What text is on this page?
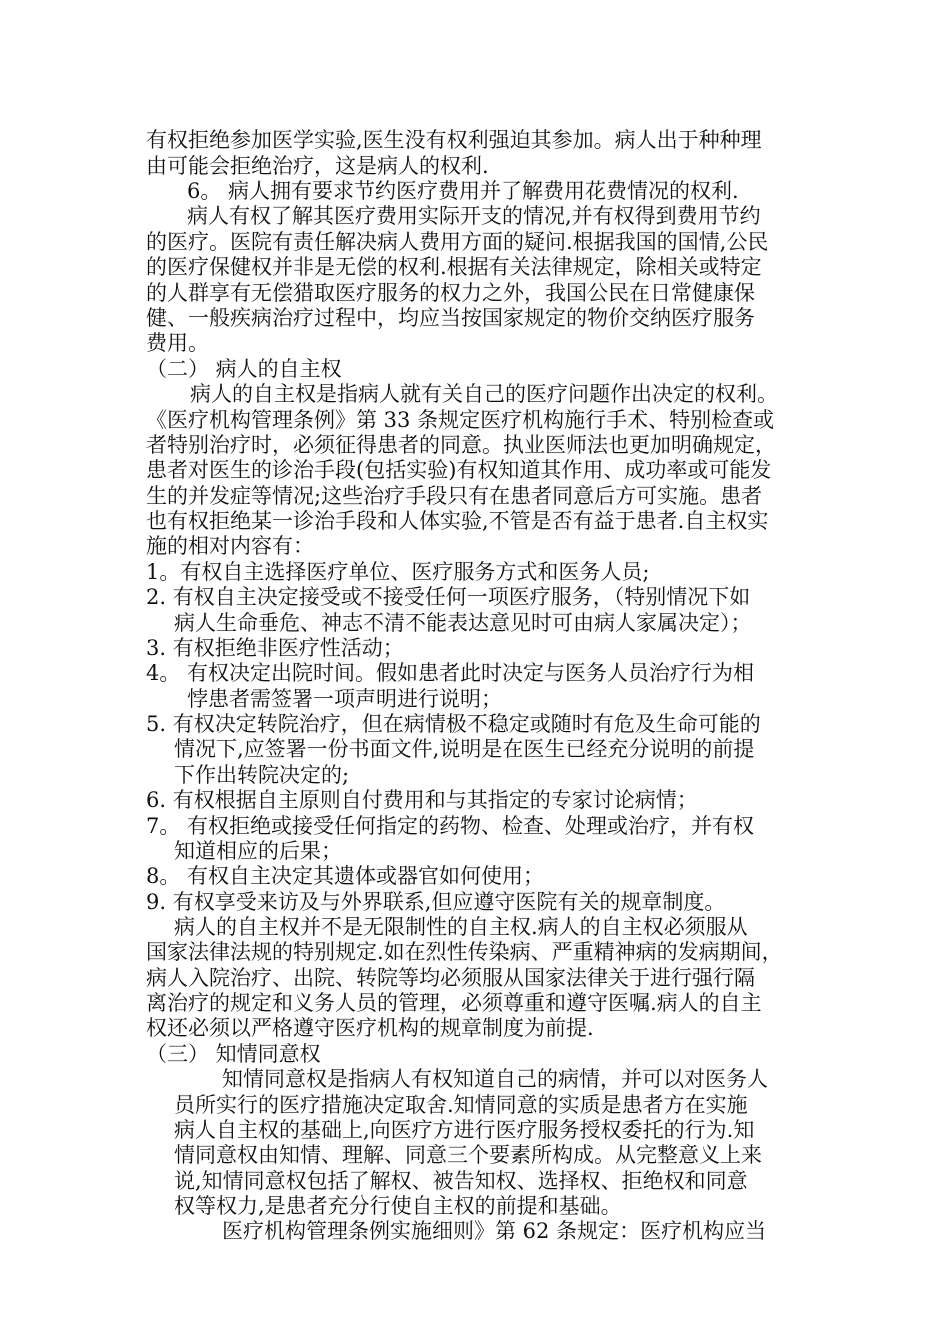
有权拒绝参加医学实验,医生没有权利强迫其参加。病人出于种种理
由可能会拒绝治疗，这是病人的权利.
6。 病人拥有要求节约医疗费用并了解费用花费情况的权利.
病人有权了解其医疗费用实际开支的情况,并有权得到费用节约
的医疗。医院有责任解决病人费用方面的疑问.根据我国的国情,公民
的医疗保健权并非是无偿的权利.根据有关法律规定，除相关或特定
的人群享有无偿猎取医疗服务的权力之外，我国公民在日常健康保
健、一般疾病治疗过程中，均应当按国家规定的物价交纳医疗服务
费用。
（二） 病人的自主权
病人的自主权是指病人就有关自己的医疗问题作出决定的权利。
《医疗机构管理条例》第 33 条规定医疗机构施行手术、特别检查或
者特别治疗时，必须征得患者的同意。执业医师法也更加明确规定，
患者对医生的诊治手段(包括实验)有权知道其作用、成功率或可能发
生的并发症等情况;这些治疗手段只有在患者同意后方可实施。患者
也有权拒绝某一诊治手段和人体实验,不管是否有益于患者.自主权实
施的相对内容有：
1。有权自主选择医疗单位、医疗服务方式和医务人员;
2. 有权自主决定接受或不接受任何一项医疗服务，（特别情况下如
病人生命垂危、神志不清不能表达意见时可由病人家属决定）；
3. 有权拒绝非医疗性活动；
4。 有权决定出院时间。假如患者此时决定与医务人员治疗行为相
悖患者需签署一项声明进行说明；
5. 有权决定转院治疗，但在病情极不稳定或随时有危及生命可能的
情况下,应签署一份书面文件,说明是在医生已经充分说明的前提
下作出转院决定的;
6. 有权根据自主原则自付费用和与其指定的专家讨论病情；
7。 有权拒绝或接受任何指定的药物、检查、处理或治疗，并有权
知道相应的后果；
8。 有权自主决定其遗体或器官如何使用；
9. 有权享受来访及与外界联系,但应遵守医院有关的规章制度。
病人的自主权并不是无限制性的自主权.病人的自主权必须服从
国家法律法规的特别规定.如在烈性传染病、严重精神病的发病期间，
病人入院治疗、出院、转院等均必须服从国家法律关于进行强行隔
离治疗的规定和义务人员的管理，必须尊重和遵守医嘱.病人的自主
权还必须以严格遵守医疗机构的规章制度为前提.
（三） 知情同意权
知情同意权是指病人有权知道自己的病情，并可以对医务人
员所实行的医疗措施决定取舍.知情同意的实质是患者方在实施
病人自主权的基础上,向医疗方进行医疗服务授权委托的行为.知
情同意权由知情、理解、同意三个要素所构成。从完整意义上来
说,知情同意权包括了解权、被告知权、选择权、拒绝权和同意
权等权力,是患者充分行使自主权的前提和基础。
医疗机构管理条例实施细则》第 62 条规定：医疗机构应当
